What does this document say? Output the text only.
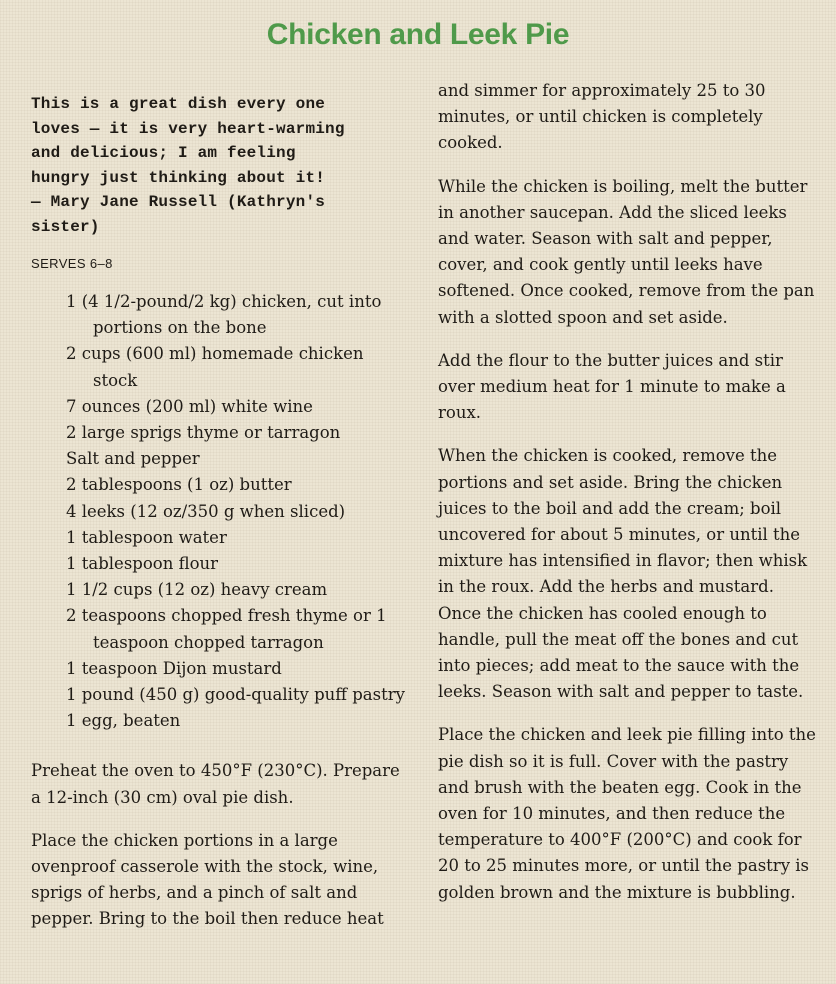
Chicken and Leek Pie

This is a great dish every one
loves — it is very heart-warming
and delicious; I am feeling
hungry just thinking about it!
— Mary Jane Russell (Kathryn's
sister)

SERVES 6–8

1 (4 1/2-pound/2 kg) chicken, cut into portions on the bone
2 cups (600 ml) homemade chicken stock
7 ounces (200 ml) white wine
2 large sprigs thyme or tarragon
Salt and pepper
2 tablespoons (1 oz) butter
4 leeks (12 oz/350 g when sliced)
1 tablespoon water
1 tablespoon flour
1 1/2 cups (12 oz) heavy cream
2 teaspoons chopped fresh thyme or 1 teaspoon chopped tarragon
1 teaspoon Dijon mustard
1 pound (450 g) good-quality puff pastry
1 egg, beaten

Preheat the oven to 450°F (230°C). Prepare a 12-inch (30 cm) oval pie dish.

Place the chicken portions in a large ovenproof casserole with the stock, wine, sprigs of herbs, and a pinch of salt and pepper. Bring to the boil then reduce heat

and simmer for approximately 25 to 30 minutes, or until chicken is completely cooked.

While the chicken is boiling, melt the butter in another saucepan. Add the sliced leeks and water. Season with salt and pepper, cover, and cook gently until leeks have softened. Once cooked, remove from the pan with a slotted spoon and set aside.

Add the flour to the butter juices and stir over medium heat for 1 minute to make a roux.

When the chicken is cooked, remove the portions and set aside. Bring the chicken juices to the boil and add the cream; boil uncovered for about 5 minutes, or until the mixture has intensified in flavor; then whisk in the roux. Add the herbs and mustard. Once the chicken has cooled enough to handle, pull the meat off the bones and cut into pieces; add meat to the sauce with the leeks. Season with salt and pepper to taste.

Place the chicken and leek pie filling into the pie dish so it is full. Cover with the pastry and brush with the beaten egg. Cook in the oven for 10 minutes, and then reduce the temperature to 400°F (200°C) and cook for 20 to 25 minutes more, or until the pastry is golden brown and the mixture is bubbling.
